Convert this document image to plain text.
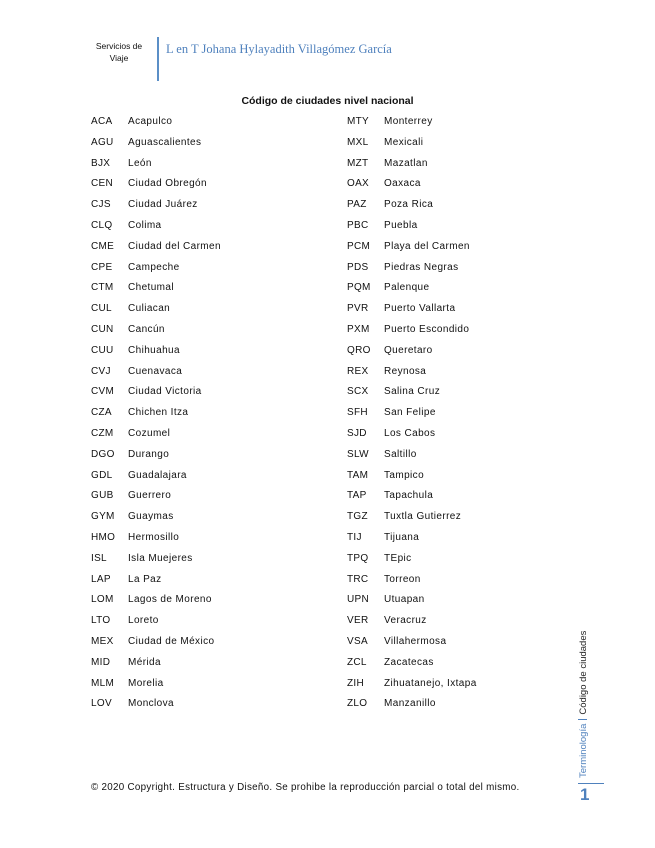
Servicios de
Viaje
L en T Johana Hylayadith Villagómez García
Código de ciudades nivel nacional
ACA Acapulco
AGU Aguascalientes
BJX León
CEN Ciudad Obregón
CJS Ciudad Juárez
CLQ Colima
CME Ciudad del Carmen
CPE Campeche
CTM Chetumal
CUL Culiacan
CUN Cancún
CUU Chihuahua
CVJ Cuenavaca
CVM Ciudad Victoria
CZA Chichen Itza
CZM Cozumel
DGO Durango
GDL Guadalajara
GUB Guerrero
GYM Guaymas
HMO Hermosillo
ISL Isla Muejeres
LAP La Paz
LOM Lagos de Moreno
LTO Loreto
MEX Ciudad de México
MID Mérida
MLM Morelia
LOV Monclova
MTY Monterrey
MXL Mexicali
MZT Mazatlan
OAX Oaxaca
PAZ Poza Rica
PBC Puebla
PCM Playa del Carmen
PDS Piedras Negras
PQM Palenque
PVR Puerto Vallarta
PXM Puerto Escondido
QRO Queretaro
REX Reynosa
SCX Salina Cruz
SFHSan Felipe
SJD Los Cabos
SLW Saltillo
TAM Tampico
TAP Tapachula
TGZ Tuxtla Gutierrez
TIJ Tijuana
TPQ TEpic
TRC Torreon
UPN Utuapan
VER Veracruz
VSA Villahermosa
ZCL Zacatecas
ZIH Zihuatanejo, Ixtapa
ZLO Manzanillo
© 2020 Copyright. Estructura y Diseño. Se prohibe la reproducción parcial o total del mismo.
TerminologíaCódigo de ciudades
1
